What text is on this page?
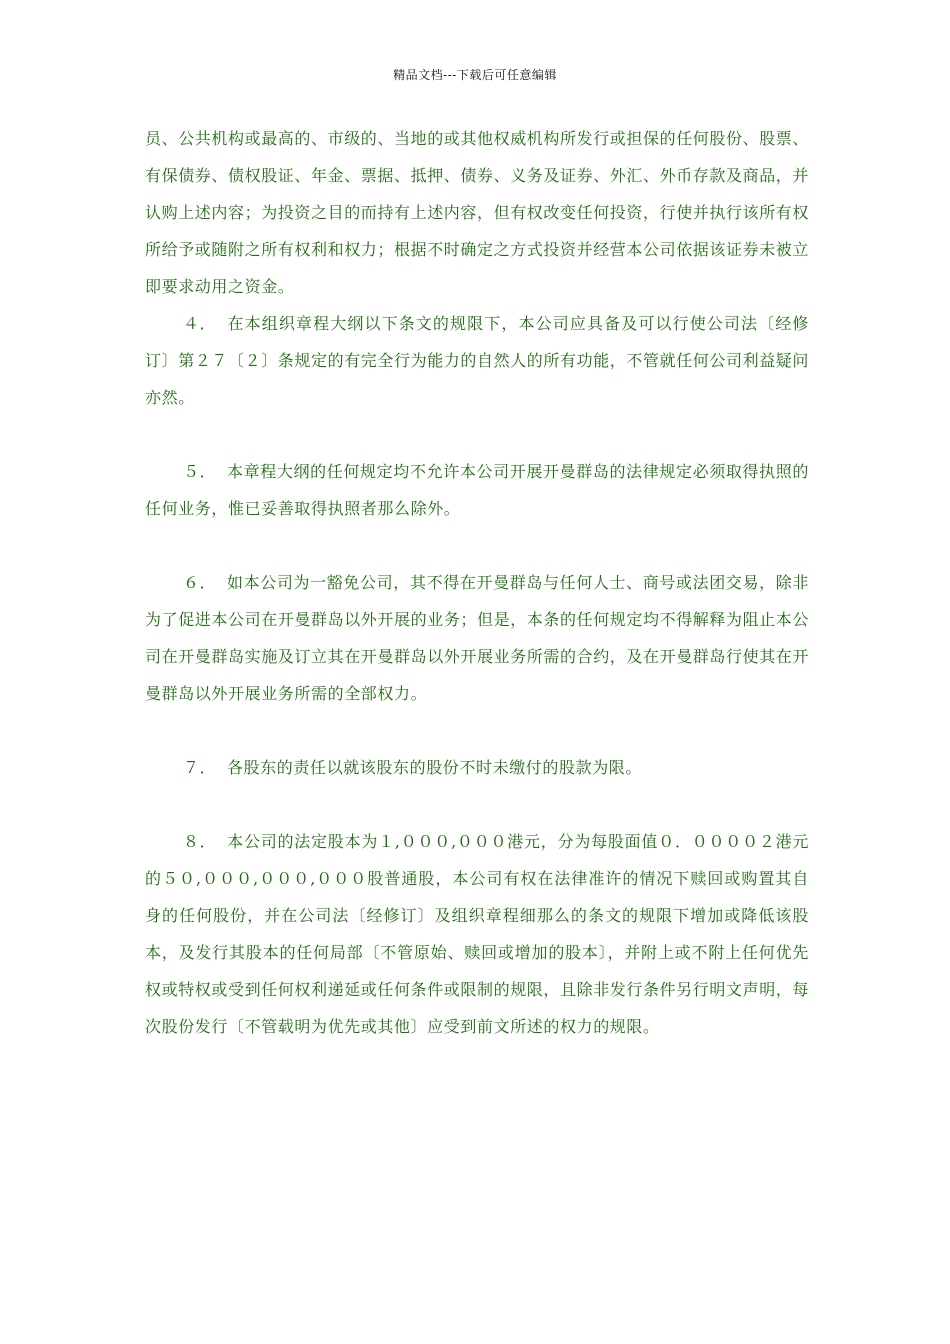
精品文档---下载后可任意编辑

员、公共机构或最高的、市级的、当地的或其他权威机构所发行或担保的任何股份、股票、有保债券、债权股证、年金、票据、抵押、债券、义务及证券、外汇、外币存款及商品，并认购上述内容；为投资之目的而持有上述内容，但有权改变任何投资，行使并执行该所有权所给予或随附之所有权利和权力；根据不时确定之方式投资并经营本公司依据该证券未被立即要求动用之资金。

４． 在本组织章程大纲以下条文的规限下，本公司应具备及可以行使公司法〔经修订〕第２７〔２〕条规定的有完全行为能力的自然人的所有功能，不管就任何公司利益疑问亦然。

５． 本章程大纲的任何规定均不允许本公司开展开曼群岛的法律规定必须取得执照的任何业务，惟已妥善取得执照者那么除外。

６． 如本公司为一豁免公司，其不得在开曼群岛与任何人士、商号或法团交易，除非为了促进本公司在开曼群岛以外开展的业务；但是，本条的任何规定均不得解释为阻止本公司在开曼群岛实施及订立其在开曼群岛以外开展业务所需的合约，及在开曼群岛行使其在开曼群岛以外开展业务所需的全部权力。

７． 各股东的责任以就该股东的股份不时未缴付的股款为限。

８． 本公司的法定股本为１,０００,０００港元，分为每股面值０．００００２港元的５０,０００,０００,０００股普通股，本公司有权在法律准许的情况下赎回或购置其自身的任何股份，并在公司法〔经修订〕及组织章程细那么的条文的规限下增加或降低该股本，及发行其股本的任何局部〔不管原始、赎回或增加的股本〕，并附上或不附上任何优先权或特权或受到任何权利递延或任何条件或限制的规限，且除非发行条件另行明文声明，每次股份发行〔不管载明为优先或其他〕应受到前文所述的权力的规限。
